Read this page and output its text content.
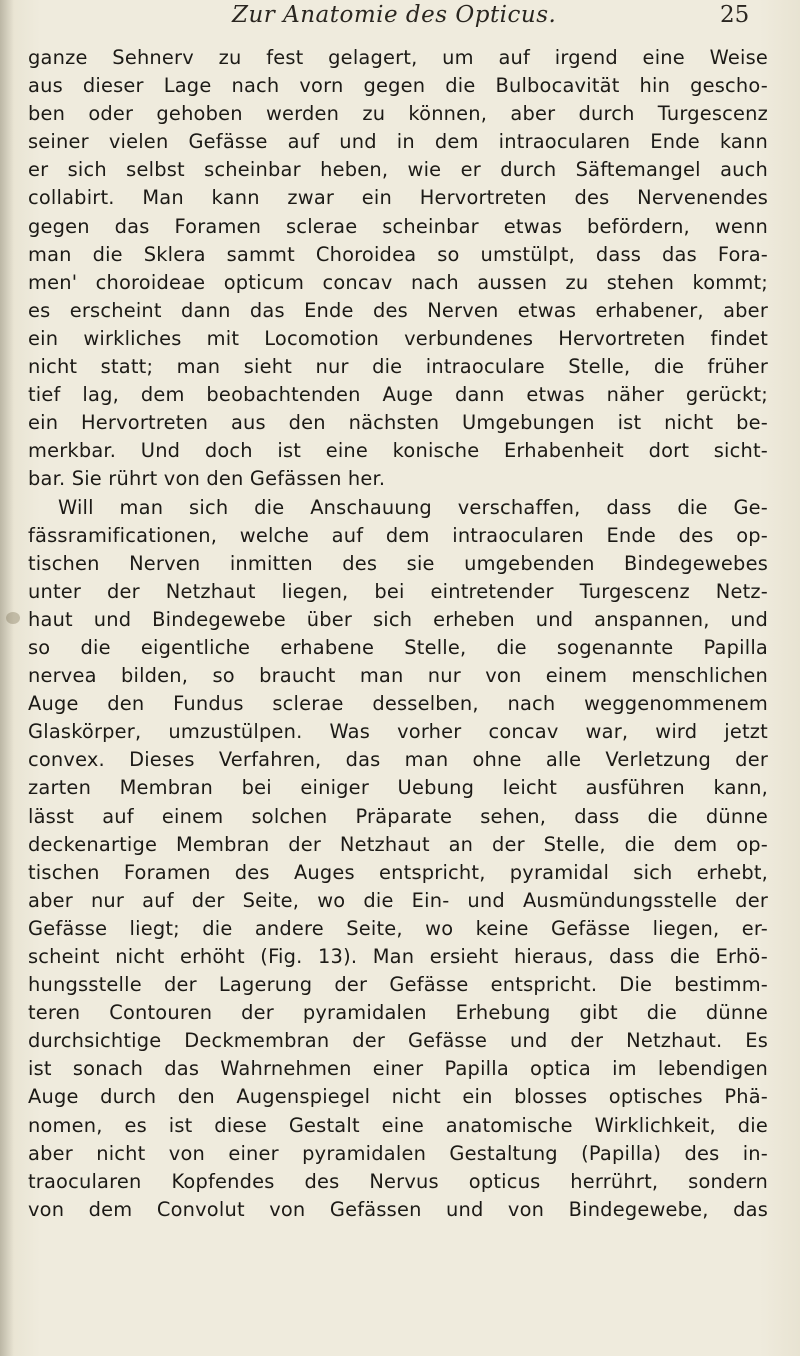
Zur Anatomie des Opticus.	25
ganze Sehnerv zu fest gelagert, um auf irgend eine Weise
aus dieser Lage nach vorn gegen die Bulbocavität hin gescho-
ben oder gehoben werden zu können, aber durch Turgescenz
seiner vielen Gefässe auf und in dem intraocularen Ende kann
er sich selbst scheinbar heben, wie er durch Säftemangel auch
collabirt. Man kann zwar ein Hervortreten des Nervenendes
gegen das Foramen sclerae scheinbar etwas befördern, wenn
man die Sklera sammt Choroidea so umstülpt, dass das Fora-
men' choroideae opticum concav nach aussen zu stehen kommt;
es erscheint dann das Ende des Nerven etwas erhabener, aber
ein wirkliches mit Locomotion verbundenes Hervortreten findet
nicht statt; man sieht nur die intraoculare Stelle, die früher
tief lag, dem beobachtenden Auge dann etwas näher gerückt;
ein Hervortreten aus den nächsten Umgebungen ist nicht be-
merkbar. Und doch ist eine konische Erhabenheit dort sicht-
bar. Sie rührt von den Gefässen her.
Will man sich die Anschauung verschaffen, dass die Ge-
fässramificationen, welche auf dem intraocularen Ende des op-
tischen Nerven inmitten des sie umgebenden Bindegewebes
unter der Netzhaut liegen, bei eintretender Turgescenz Netz-
haut und Bindegewebe über sich erheben und anspannen, und
so die eigentliche erhabene Stelle, die sogenannte Papilla
nervea bilden, so braucht man nur von einem menschlichen
Auge den Fundus sclerae desselben, nach weggenommenem
Glaskörper, umzustülpen. Was vorher concav war, wird jetzt
convex. Dieses Verfahren, das man ohne alle Verletzung der
zarten Membran bei einiger Uebung leicht ausführen kann,
lässt auf einem solchen Präparate sehen, dass die dünne
deckenartige Membran der Netzhaut an der Stelle, die dem op-
tischen Foramen des Auges entspricht, pyramidal sich erhebt,
aber nur auf der Seite, wo die Ein- und Ausmündungsstelle der
Gefässe liegt; die andere Seite, wo keine Gefässe liegen, er-
scheint nicht erhöht (Fig. 13). Man ersieht hieraus, dass die Erhö-
hungsstelle der Lagerung der Gefässe entspricht. Die bestimm-
teren Contouren der pyramidalen Erhebung gibt die dünne
durchsichtige Deckmembran der Gefässe und der Netzhaut. Es
ist sonach das Wahrnehmen einer Papilla optica im lebendigen
Auge durch den Augenspiegel nicht ein blosses optisches Phä-
nomen, es ist diese Gestalt eine anatomische Wirklichkeit, die
aber nicht von einer pyramidalen Gestaltung (Papilla) des in-
traocularen Kopfendes des Nervus opticus herrührt, sondern
von dem Convolut von Gefässen und von Bindegewebe, das
